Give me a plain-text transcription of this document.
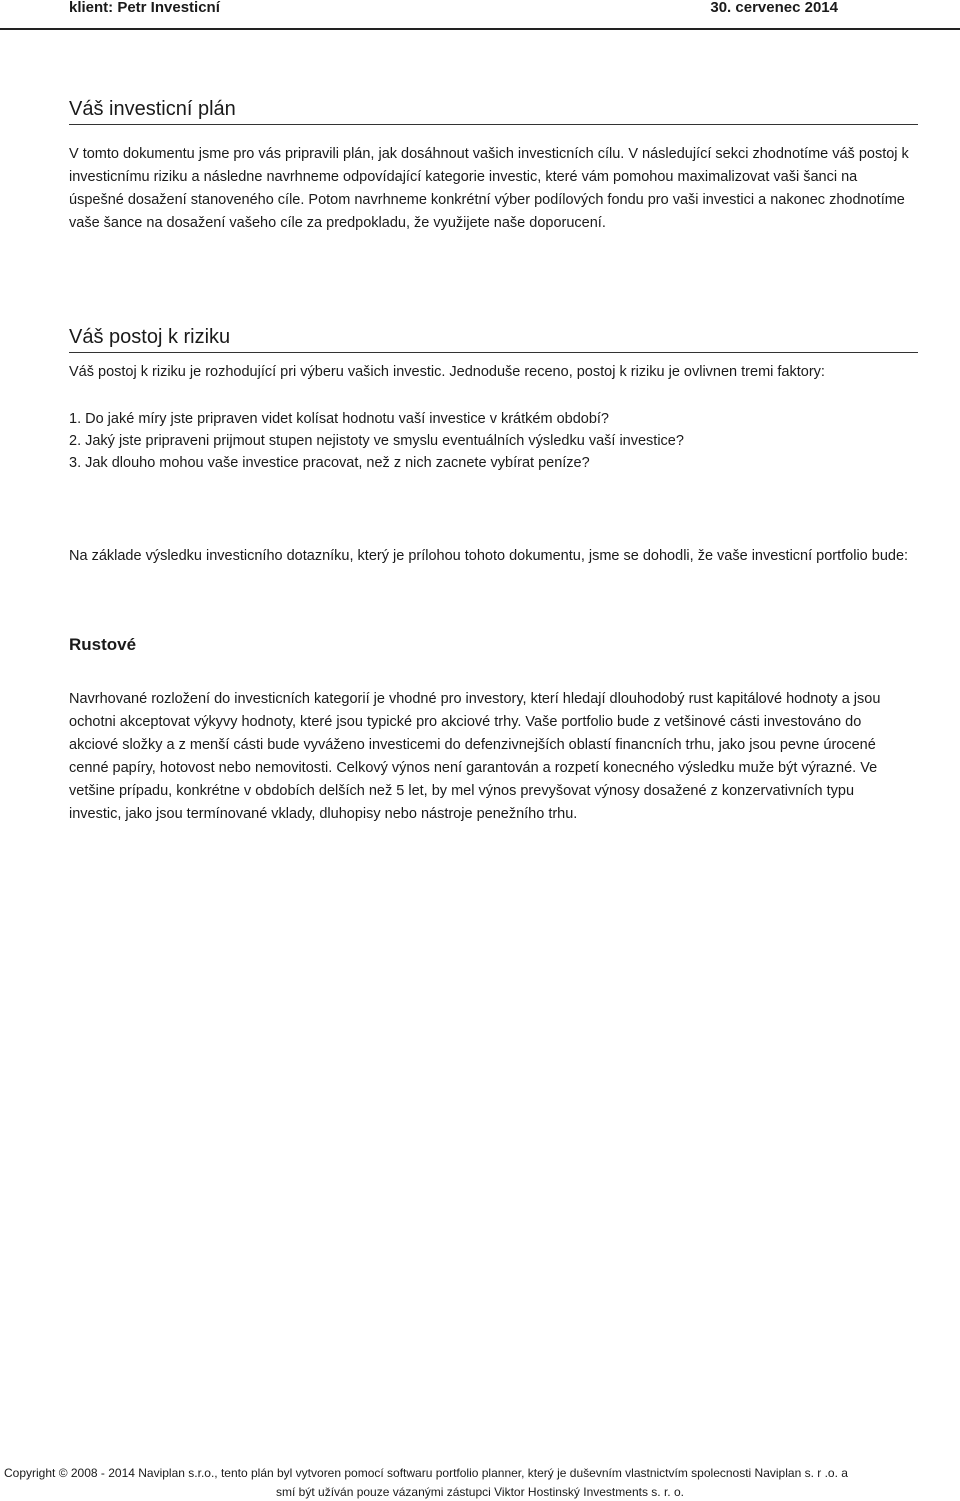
klient: Petr Investicní	30. cervenec 2014
Váš investicní plán

V tomto dokumentu jsme pro vás pripravili plán, jak dosáhnout vašich investicních cílu. V následující sekci zhodnotíme váš postoj k investicnímu riziku a následne navrhneme odpovídající kategorie investic, které vám pomohou maximalizovat vaši šanci na úspešné dosažení stanoveného cíle. Potom navrhneme konkrétní výber podílových fondu pro vaši investici a nakonec zhodnotíme vaše šance na dosažení vašeho cíle za predpokladu, že využijete naše doporucení.

Váš postoj k riziku

Váš postoj k riziku je rozhodující pri výberu vašich investic. Jednoduše receno, postoj k riziku je ovlivnen tremi faktory:

1. Do jaké míry jste pripraven videt kolísat hodnotu vaší investice v krátkém období?
2. Jaký jste pripraveni prijmout stupen nejistoty ve smyslu eventuálních výsledku vaší investice?
3. Jak dlouho mohou vaše investice pracovat, než z nich zacnete vybírat peníze?

Na základe výsledku investicního dotazníku, který je prílohou tohoto dokumentu, jsme se dohodli, že vaše investicní portfolio bude:

Rustové

Navrhované rozložení do investicních kategorií je vhodné pro investory, kterí hledají dlouhodobý rust kapitálové hodnoty a jsou ochotni akceptovat výkyvy hodnoty, které jsou typické pro akciové trhy. Vaše portfolio bude z vetšinové cásti investováno do akciové složky a z menší cásti bude vyváženo investicemi do defenzivnejších oblastí financních trhu, jako jsou pevne úrocené cenné papíry, hotovost nebo nemovitosti. Celkový výnos není garantován a rozpetí konecného výsledku muže být výrazné. Ve vetšine prípadu, konkrétne v obdobích delších než 5 let, by mel výnos prevyšovat výnosy dosažené z konzervativních typu investic, jako jsou termínované vklady, dluhopisy nebo nástroje penežního trhu.

Copyright © 2008 - 2014 Naviplan s.r.o., tento plán byl vytvoren pomocí softwaru portfolio planner, který je duševním vlastnictvím spolecnosti Naviplan s. r .o. a
smí být užíván pouze vázanými zástupci Viktor Hostinský Investments s. r. o.
